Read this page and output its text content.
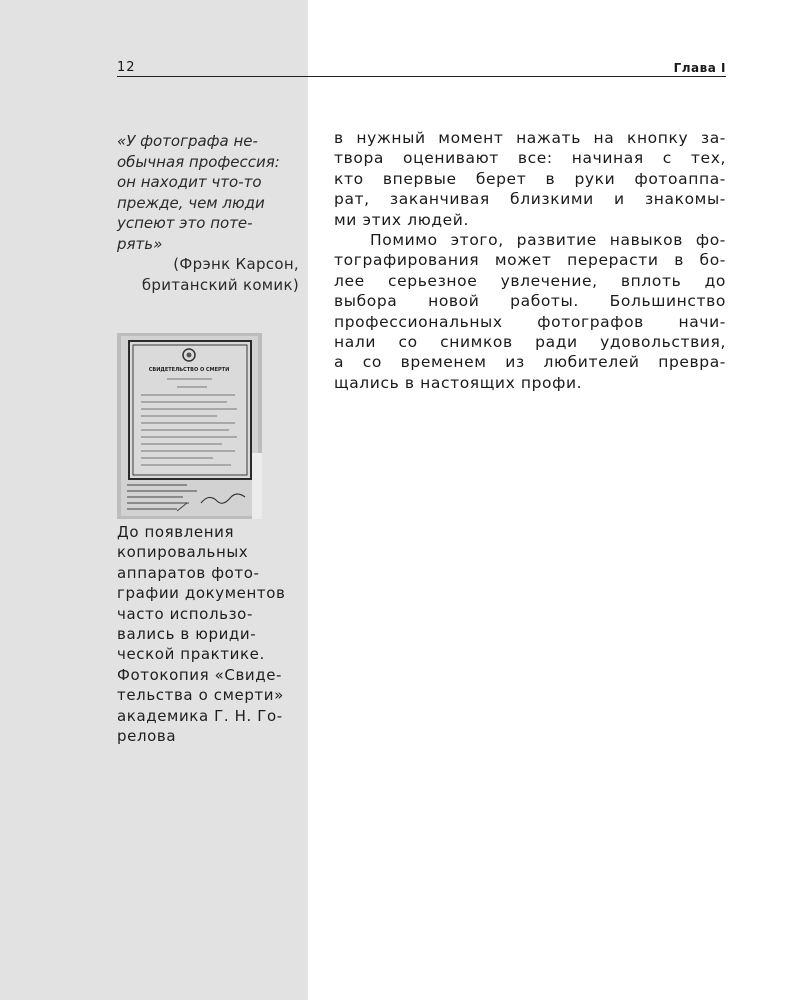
12	Глава I

«У фотографа не-
обычная профессия:
он находит что-то
прежде, чем люди
успеют это поте-
рять»

(Фрэнк Карсон,
британский комик)

СВИДЕТЕЛЬСТВО О СМЕРТИ
До появления
копировальных
аппаратов фото-
графии документов
часто использо-
вались в юриди-
ческой практике.
Фотокопия «Свиде-
тельства о смерти»
академика Г. Н. Го-
релова

в нужный момент нажать на кнопку за-
твора оценивают все: начиная с тех,
кто впервые берет в руки фотоаппа-
рат, заканчивая близкими и знакомы-
ми этих людей.

Помимо этого, развитие навыков фо-
тографирования может перерасти в бо-
лее серьезное увлечение, вплоть до
выбора новой работы. Большинство
профессиональных фотографов начи-
нали со снимков ради удовольствия,
а со временем из любителей превра-
щались в настоящих профи.
